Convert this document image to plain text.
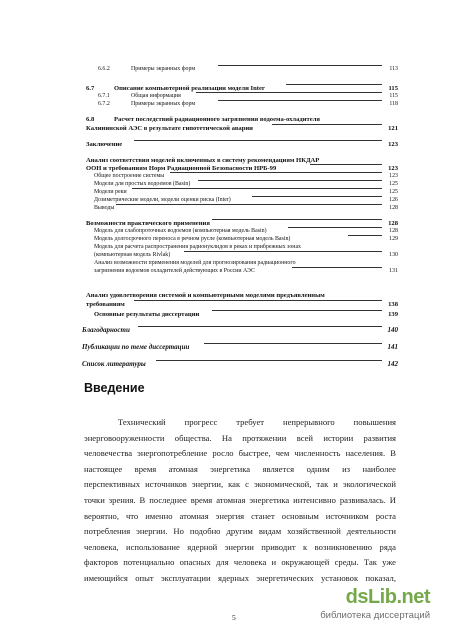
6.6.2	Примеры экранных форм	113
6.7	Описание компьютерной реализации модели Inter	115
6.7.1	Общая информация	115
6.7.2	Примеры экранных форм	118
6.8	Расчет последствий радиационного загрязнения водоема-охладителя
Калининской АЭС в результате гипотетической аварии	121
Заключение	123
Анализ соответствия моделей включенных в систему рекомендациям НКДАР
ООН и требованиям Норм Радиационной Безопасности НРБ-99	123
Общее построение системы	123
Модели для простых водоемов (Basin)	125
Модели реки	125
Дозиметрические модели, модели оценки риска (Inter)	126
Выводы	128
Возможности практического применения	128
Модель для слабопроточных водоемов (компьютерная модель Basin)	128
Модель долгосрочного переноса в речном русле (компьютерная модель Basin)	129
Модель для расчета распространения радионуклидов в реках и прибрежных зонах
(компьютерная модель Rivlak)	130
Анализ возможности применения моделей для прогнозирования радиационного
загрязнения водоемов охладителей действующих в России АЭС	131
Анализ удовлетворения системой и компьютерными моделями предъявленным
требованиям	138
Основные результаты диссертации	139
Благодарности	140
Публикации по теме диссертации	141
Список литературы	142
Введение
Технический прогресс требует непрерывного повышения
энерговооруженности общества. На протяжении всей истории развития
человечества энергопотребление росло быстрее, чем численность населения. В
настоящее время атомная энергетика является одним из наиболее
перспективных источников энергии, как с экономической, так и экологической
точки зрения. В последнее время атомная энергетика интенсивно развивалась. И
вероятно, что именно атомная энергия станет основным источником роста
потребления энергии. Но подобно другим видам хозяйственной деятельности
человека, использование ядерной энергии приводит к возникновению ряда
факторов потенциально опасных для человека и окружающей среды. Так уже
имеющийся опыт эксплуатации ядерных энергетических установок показал,
5
dsLib.net
библиотека диссертаций
